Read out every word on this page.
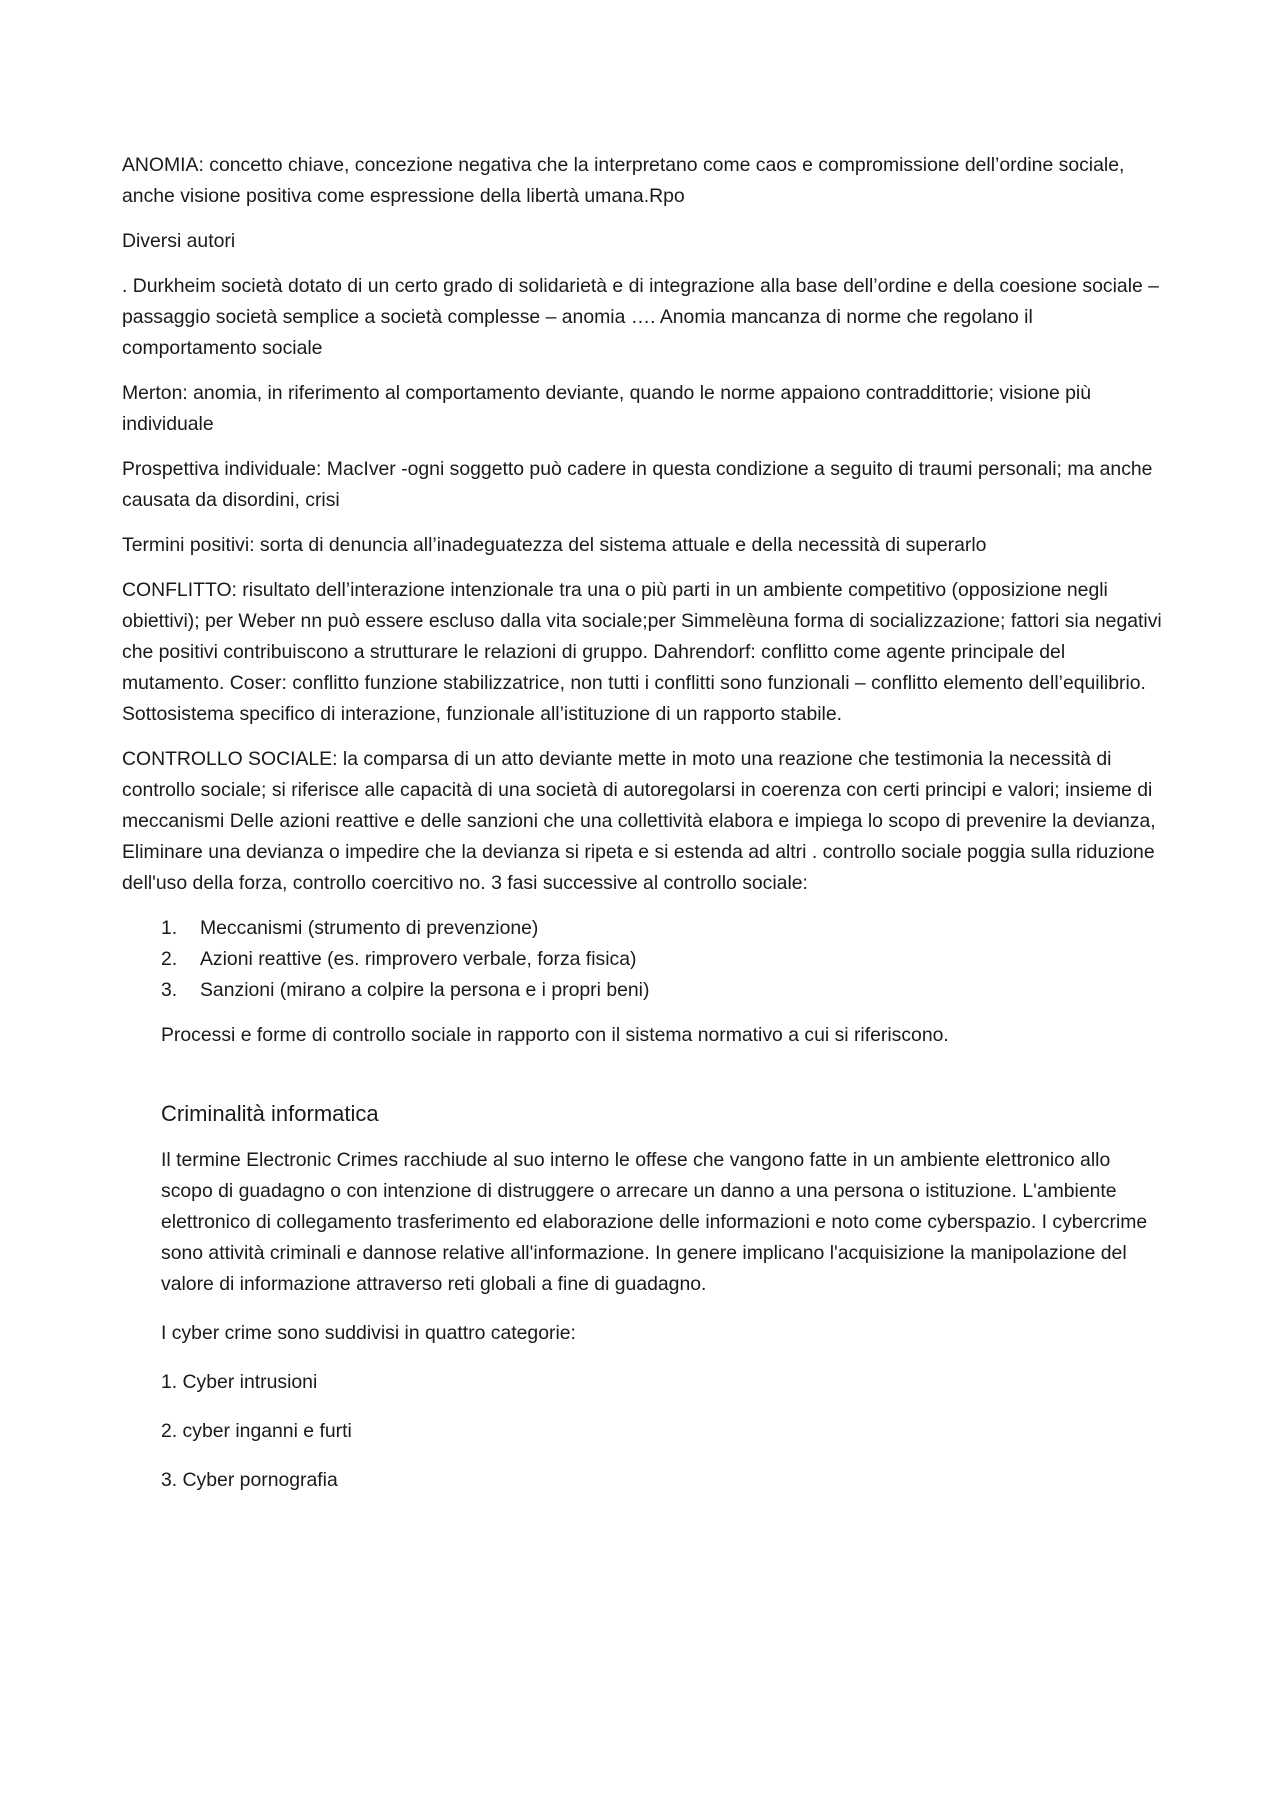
ANOMIA: concetto chiave, concezione negativa che la interpretano come caos e compromissione dell’ordine sociale, anche visione positiva come espressione della libertà umana.Rpo

Diversi autori

. Durkheim società dotato di un certo grado di solidarietà e di integrazione alla base dell’ordine e della coesione sociale – passaggio società semplice a società complesse – anomia …. Anomia mancanza di norme che regolano il comportamento sociale

Merton: anomia, in riferimento al comportamento deviante, quando le norme appaiono contraddittorie; visione più individuale

Prospettiva individuale: MacIver -ogni soggetto può cadere in questa condizione a seguito di traumi personali; ma anche causata da disordini, crisi

Termini positivi: sorta di denuncia all’inadeguatezza del sistema attuale e della necessità di superarlo

CONFLITTO: risultato dell’interazione intenzionale tra una o più parti in un ambiente competitivo (opposizione negli obiettivi); per Weber nn può essere escluso dalla vita sociale;per Simmelèuna forma di socializzazione; fattori sia negativi che positivi contribuiscono a strutturare le relazioni di gruppo. Dahrendorf: conflitto come agente principale del mutamento. Coser: conflitto funzione stabilizzatrice, non tutti i conflitti sono funzionali – conflitto elemento dell’equilibrio. Sottosistema specifico di interazione, funzionale all’istituzione di un rapporto stabile.

CONTROLLO SOCIALE: la comparsa di un atto deviante mette in moto una reazione che testimonia la necessità di controllo sociale; si riferisce alle capacità di una società di autoregolarsi in coerenza con certi principi e valori; insieme di meccanismi Delle azioni reattive e delle sanzioni che una collettività elabora e impiega lo scopo di prevenire la devianza, Eliminare una devianza o impedire che la devianza si ripeta e si estenda ad altri . controllo sociale poggia sulla riduzione dell'uso della forza, controllo coercitivo no. 3 fasi successive al controllo sociale:

1. Meccanismi (strumento di prevenzione)
2. Azioni reattive (es. rimprovero verbale, forza fisica)
3. Sanzioni (mirano a colpire la persona e i propri beni)

Processi e forme di controllo sociale in rapporto con il sistema normativo a cui si riferiscono.

Criminalità informatica

Il termine Electronic Crimes racchiude al suo interno le offese che vangono fatte in un ambiente elettronico allo scopo di guadagno o con intenzione di distruggere o arrecare un danno a una persona o istituzione. L'ambiente elettronico di collegamento trasferimento ed elaborazione delle informazioni e noto come cyberspazio. I cybercrime sono attività criminali e dannose relative all'informazione. In genere implicano l'acquisizione la manipolazione del valore di informazione attraverso reti globali a fine di guadagno.

I cyber crime sono suddivisi in quattro categorie:

1. Cyber intrusioni

2. cyber inganni e furti

3. Cyber pornografia
